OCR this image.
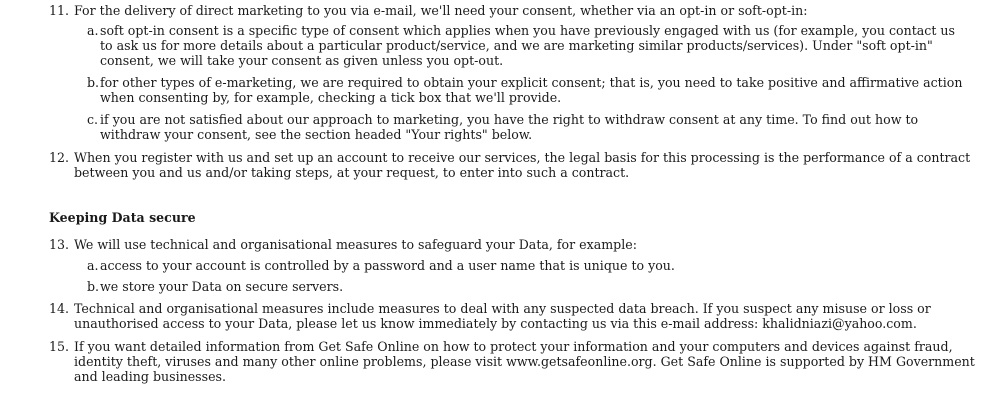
11. For the delivery of direct marketing to you via e-mail, we'll need your consent, whether via an opt-in or soft-opt-in:
a. soft opt-in consent is a specific type of consent which applies when you have previously engaged with us (for example, you contact us to ask us for more details about a particular product/service, and we are marketing similar products/services). Under "soft opt-in" consent, we will take your consent as given unless you opt-out.
b. for other types of e-marketing, we are required to obtain your explicit consent; that is, you need to take positive and affirmative action when consenting by, for example, checking a tick box that we'll provide.
c. if you are not satisfied about our approach to marketing, you have the right to withdraw consent at any time. To find out how to withdraw your consent, see the section headed "Your rights" below.
12. When you register with us and set up an account to receive our services, the legal basis for this processing is the performance of a contract between you and us and/or taking steps, at your request, to enter into such a contract.
Keeping Data secure
13. We will use technical and organisational measures to safeguard your Data, for example:
a. access to your account is controlled by a password and a user name that is unique to you.
b. we store your Data on secure servers.
14. Technical and organisational measures include measures to deal with any suspected data breach. If you suspect any misuse or loss or unauthorised access to your Data, please let us know immediately by contacting us via this e-mail address: khalidniazi@yahoo.com.
15. If you want detailed information from Get Safe Online on how to protect your information and your computers and devices against fraud, identity theft, viruses and many other online problems, please visit www.getsafeonline.org. Get Safe Online is supported by HM Government and leading businesses.
